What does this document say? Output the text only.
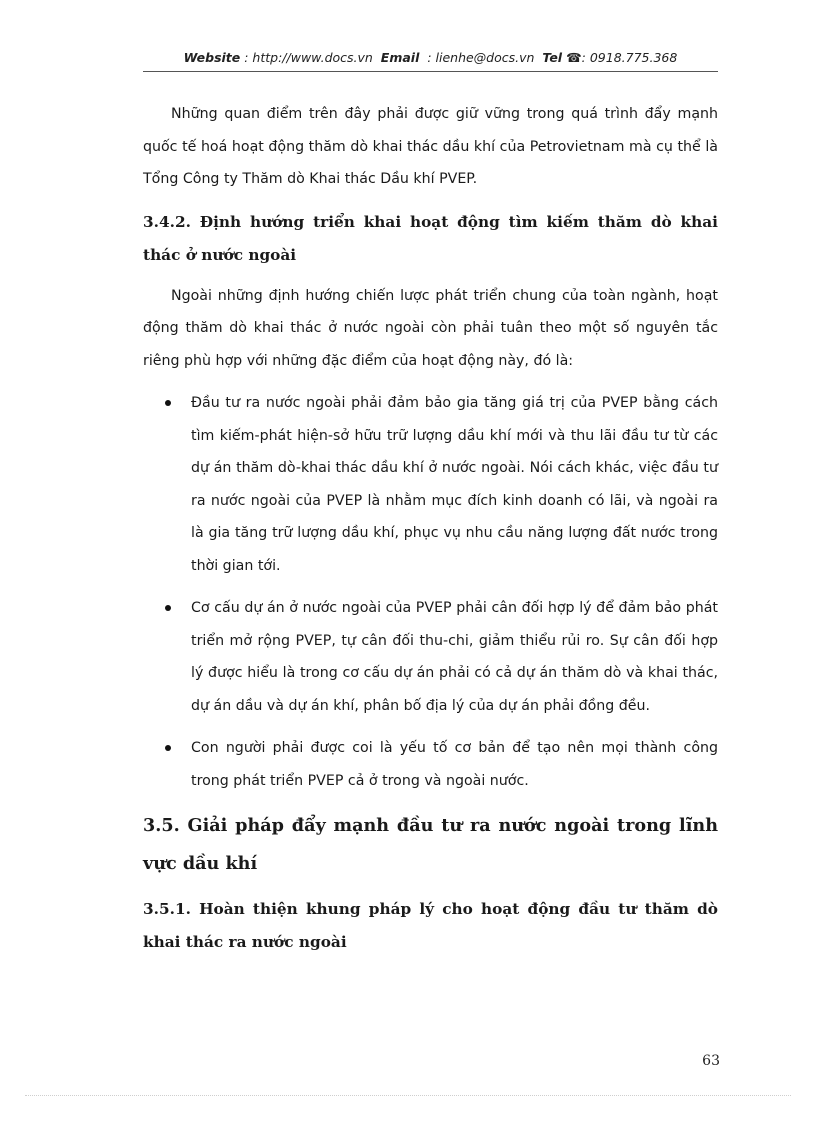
Website : http://www.docs.vn Email : lienhe@docs.vn Tel ☎: 0918.775.368

Những quan điểm trên đây phải được giữ vững trong quá trình đẩy mạnh quốc tế hoá hoạt động thăm dò khai thác dầu khí của Petrovietnam mà cụ thể là Tổng Công ty Thăm dò Khai thác Dầu khí PVEP.

3.4.2. Định hướng triển khai hoạt động tìm kiếm thăm dò khai thác ở nước ngoài

Ngoài những định hướng chiến lược phát triển chung của toàn ngành, hoạt động thăm dò khai thác ở nước ngoài còn phải tuân theo một số nguyên tắc riêng phù hợp với những đặc điểm của hoạt động này, đó là:

Đầu tư ra nước ngoài phải đảm bảo gia tăng giá trị của PVEP bằng cách tìm kiếm-phát hiện-sở hữu trữ lượng dầu khí mới và thu lãi đầu tư từ các dự án thăm dò-khai thác dầu khí ở nước ngoài. Nói cách khác, việc đầu tư ra nước ngoài của PVEP là nhằm mục đích kinh doanh có lãi, và ngoài ra là gia tăng trữ lượng dầu khí, phục vụ nhu cầu năng lượng đất nước trong thời gian tới.
Cơ cấu dự án ở nước ngoài của PVEP phải cân đối hợp lý để đảm bảo phát triển mở rộng PVEP, tự cân đối thu-chi, giảm thiểu rủi ro. Sự cân đối hợp lý được hiểu là trong cơ cấu dự án phải có cả dự án thăm dò và khai thác, dự án dầu và dự án khí, phân bố địa lý của dự án phải đồng đều.
Con người phải được coi là yếu tố cơ bản để tạo nên mọi thành công trong phát triển PVEP cả ở trong và ngoài nước.
3.5. Giải pháp đẩy mạnh đầu tư ra nước ngoài trong lĩnh vực dầu khí
3.5.1. Hoàn thiện khung pháp lý cho hoạt động đầu tư thăm dò khai thác ra nước ngoài
63
